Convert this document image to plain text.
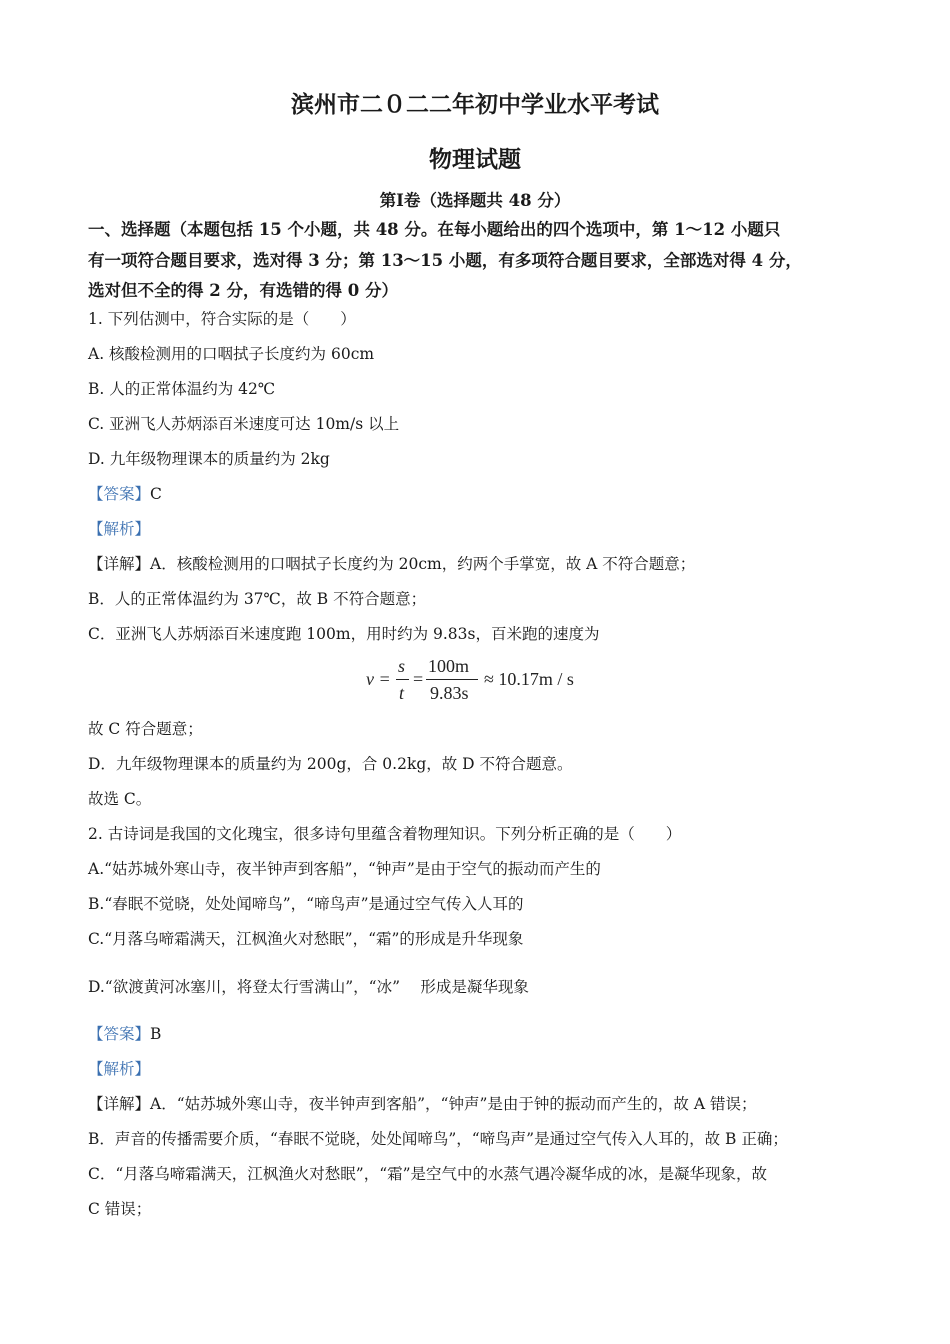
滨州市二０二二年初中学业水平考试
物理试题
第Ⅰ卷（选择题共 48 分）
一、选择题（本题包括 15 个小题，共 48 分。在每小题给出的四个选项中，第 1～12 小题只
有一项符合题目要求，选对得 3 分；第 13～15 小题，有多项符合题目要求，全部选对得 4 分，
选对但不全的得 2 分，有选错的得 0 分）
1. 下列估测中，符合实际的是（　　）
A. 核酸检测用的口咽拭子长度约为 60cm
B. 人的正常体温约为 42℃
C. 亚洲飞人苏炳添百米速度可达 10m/s 以上
D. 九年级物理课本的质量约为 2kg
【答案】C
【解析】
【详解】A．核酸检测用的口咽拭子长度约为 20cm，约两个手掌宽，故 A 不符合题意；
B．人的正常体温约为 37℃，故 B 不符合题意；
C．亚洲飞人苏炳添百米速度跑 100m，用时约为 9.83s，百米跑的速度为
v =
s
t
=
100m
9.83s
≈ 10.17m / s
故 C 符合题意；
D．九年级物理课本的质量约为 200g，合 0.2kg，故 D 不符合题意。
故选 C。
2. 古诗词是我国的文化瑰宝，很多诗句里蕴含着物理知识。下列分析正确的是（　　）
A.“姑苏城外寒山寺，夜半钟声到客船”，“钟声”是由于空气的振动而产生的
B.“春眠不觉晓，处处闻啼鸟”，“啼鸟声”是通过空气传入人耳的
C.“月落乌啼霜满天，江枫渔火对愁眠”，“霜”的形成是升华现象
D.“欲渡黄河冰塞川，将登太行雪满山”，“冰”　 形成是凝华现象
【答案】B
【解析】
【详解】A．“姑苏城外寒山寺，夜半钟声到客船”，“钟声”是由于钟的振动而产生的，故 A 错误；
B．声音的传播需要介质，“春眠不觉晓，处处闻啼鸟”，“啼鸟声”是通过空气传入人耳的，故 B 正确；
C．“月落乌啼霜满天，江枫渔火对愁眠”，“霜”是空气中的水蒸气遇冷凝华成的冰，是凝华现象，故
C 错误；
